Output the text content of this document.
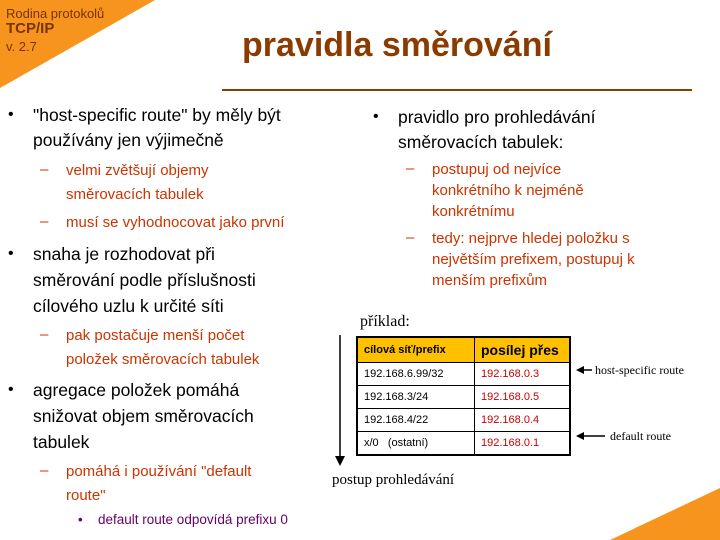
Rodina protokolů
TCP/IP
v. 2.7	pravidla směrování
• "host-specific route" by měly být
používány jen výjimečně
– velmi zvětšují objemy
směrovacích tabulek
– musí se vyhodnocovat jako první
• snaha je rozhodovat při
směrování podle příslušnosti
cílového uzlu k určité síti
– pak postačuje menší počet
položek směrovacích tabulek
• agregace položek pomáhá
snižovat objem směrovacích
tabulek
– pomáhá i používání "default
route"
• default route odpovídá prefixu 0
• pravidlo pro prohledávání
směrovacích tabulek:
– postupuj od nejvíce
konkrétního k nejméně
konkrétnímu
– tedy: nejprve hledej položku s
největším prefixem, postupuj k
menším prefixům
příklad:
cílová síť/prefix	posílej přes
192.168.6.99/32	192.168.0.3
192.168.3/24	192.168.0.5
192.168.4/22	192.168.0.4
x/0   (ostatní)	192.168.0.1
host-specific route
default route
postup prohledávání
